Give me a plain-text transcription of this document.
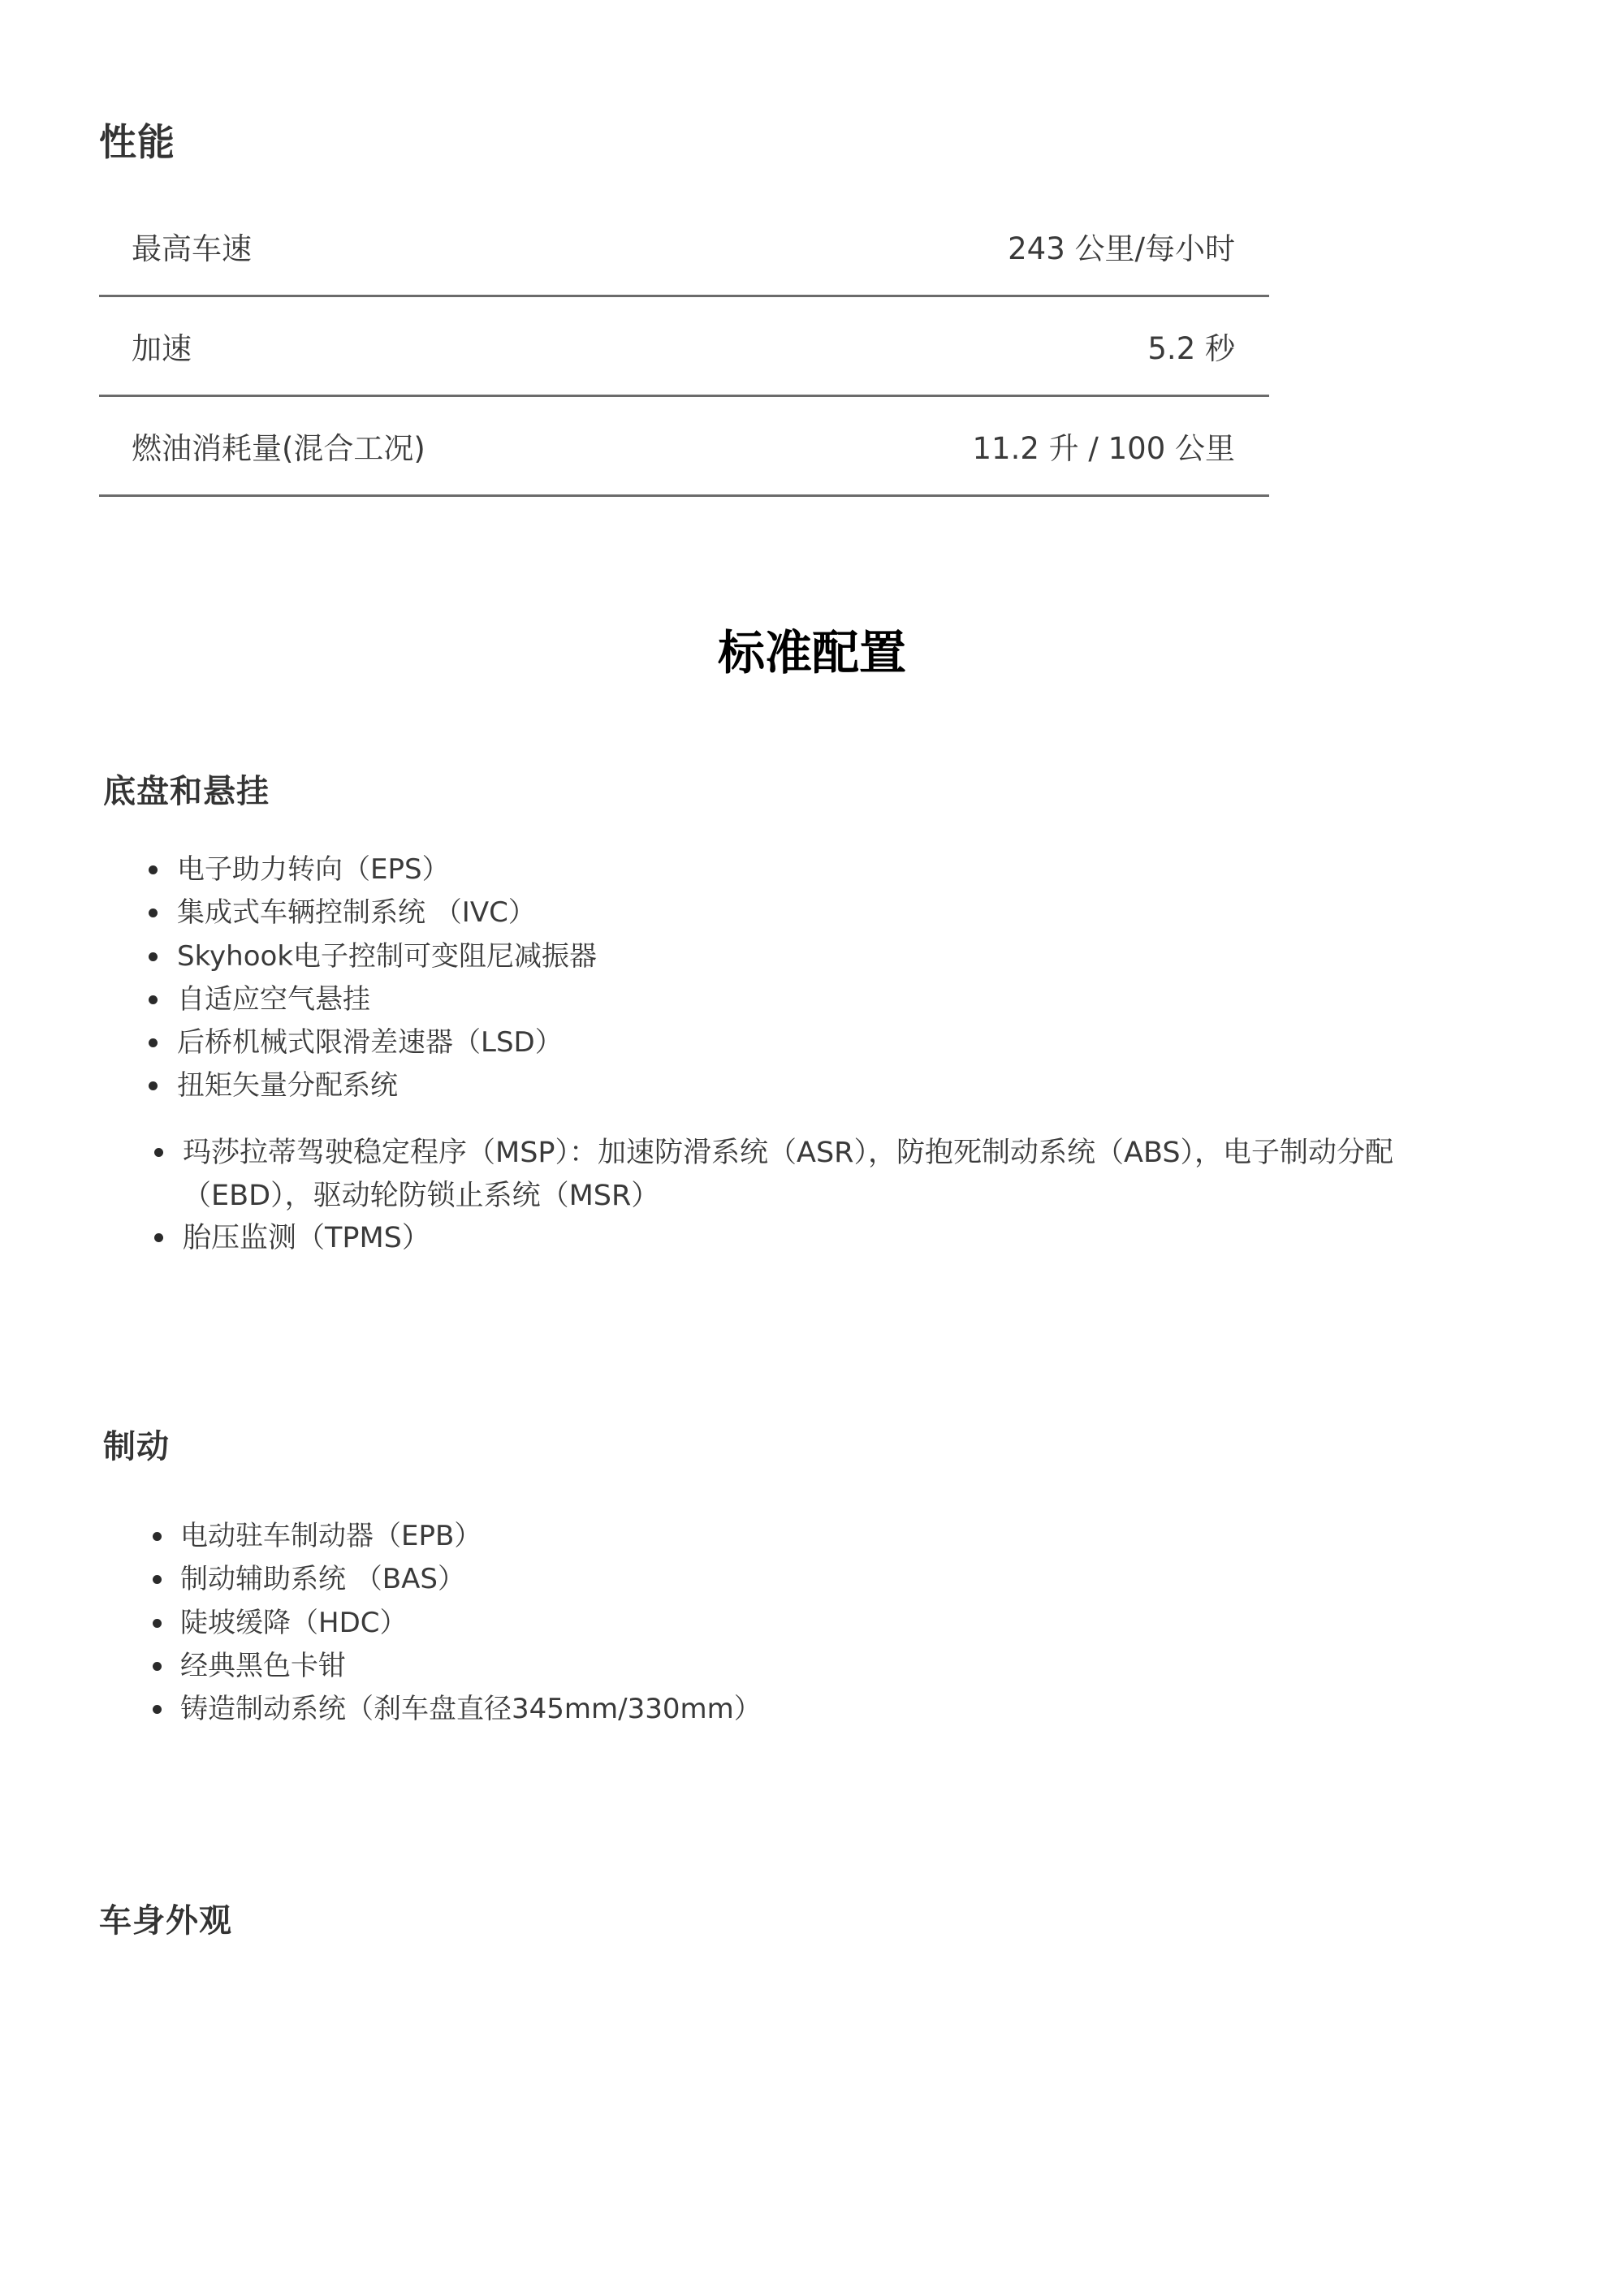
性能
最高车速	243 公里/每小时
加速	5.2 秒
燃油消耗量(混合工况)	11.2 升 / 100 公里
标准配置
底盘和悬挂
电子助力转向（EPS）
集成式车辆控制系统 （IVC）
Skyhook电子控制可变阻尼减振器
自适应空气悬挂
后桥机械式限滑差速器（LSD）
扭矩矢量分配系统
玛莎拉蒂驾驶稳定程序（MSP）：加速防滑系统（ASR），防抱死制动系统（ABS），电子制动分配（EBD），驱动轮防锁止系统（MSR）
胎压监测（TPMS）
制动
电动驻车制动器（EPB）
制动辅助系统 （BAS）
陡坡缓降（HDC）
经典黑色卡钳
铸造制动系统（刹车盘直径345mm/330mm）
车身外观
